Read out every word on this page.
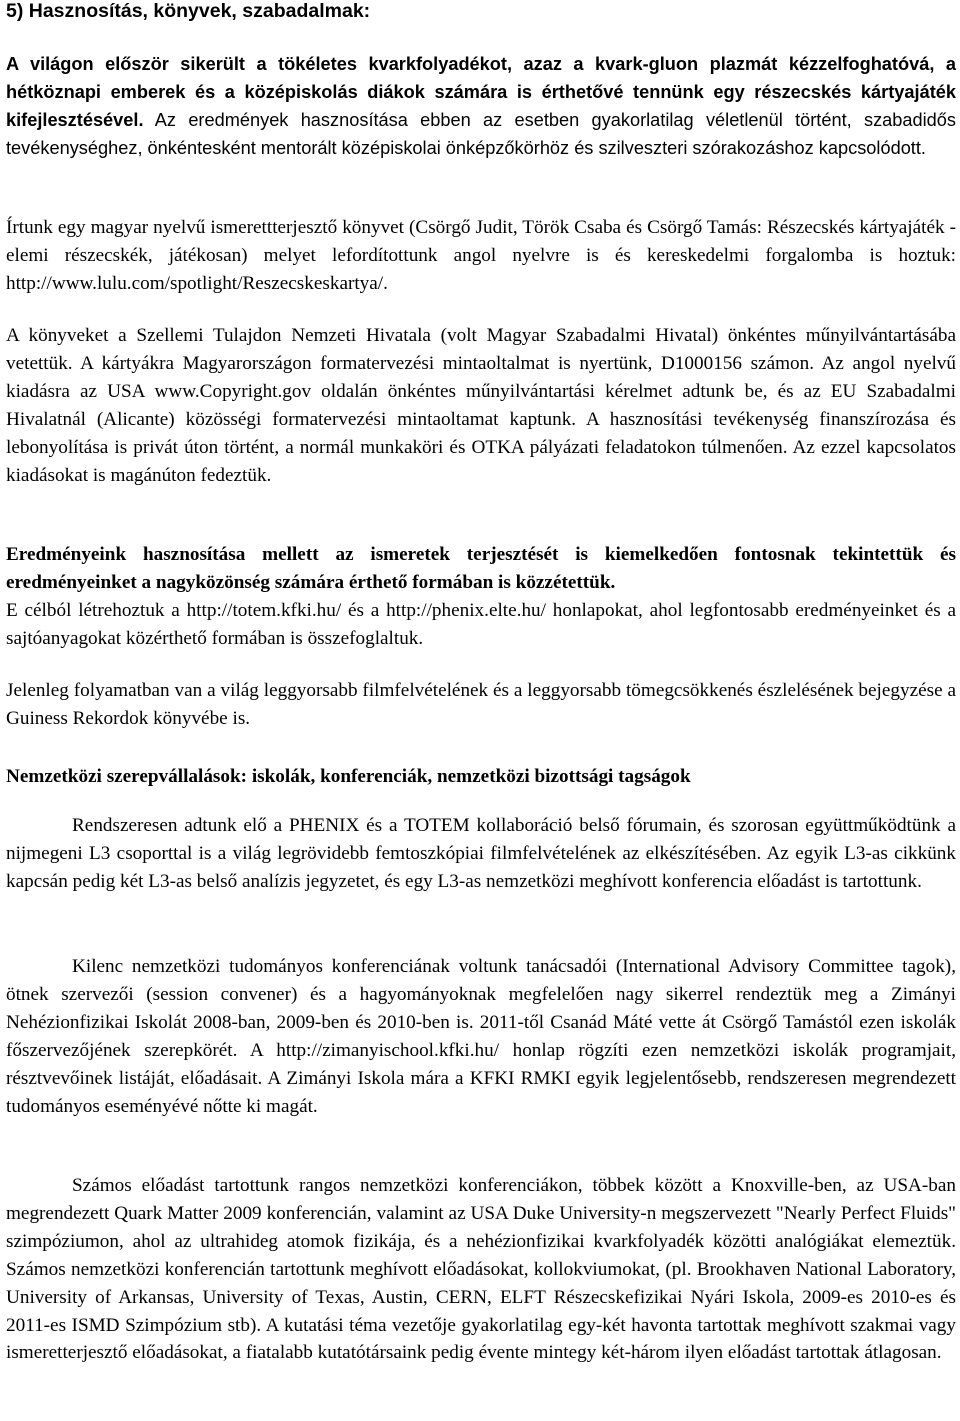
5) Hasznosítás, könyvek, szabadalmak:

A világon először sikerült a tökéletes kvarkfolyadékot, azaz a kvark-gluon plazmát kézzelfoghatóvá, a hétköznapi emberek és a középiskolás diákok számára is érthetővé tennünk egy részecskés kártyajáték kifejlesztésével. Az eredmények hasznosítása ebben az esetben gyakorlatilag véletlenül történt, szabadidős tevékenységhez, önkéntesként mentorált középiskolai önképzőkörhöz és szilveszteri szórakozáshoz kapcsolódott.

Írtunk egy magyar nyelvű ismerettterjesztő könyvet (Csörgő Judit, Török Csaba és Csörgő Tamás: Részecskés kártyajáték - elemi részecskék, játékosan) melyet lefordítottunk angol nyelvre is és kereskedelmi forgalomba is hoztuk: http://www.lulu.com/spotlight/Reszecskeskartya/.

A könyveket a Szellemi Tulajdon Nemzeti Hivatala (volt Magyar Szabadalmi Hivatal) önkéntes műnyilvántartásába vetettük. A kártyákra Magyarországon formatervezési mintaoltalmat is nyertünk, D1000156 számon. Az angol nyelvű kiadásra az USA www.Copyright.gov oldalán önkéntes műnyilvántartási kérelmet adtunk be, és az EU Szabadalmi Hivalatnál (Alicante) közösségi formatervezési mintaoltamat kaptunk. A hasznosítási tevékenység finanszírozása és lebonyolítása is privát úton történt, a normál munkaköri és OTKA pályázati feladatokon túlmenően. Az ezzel kapcsolatos kiadásokat is magánúton fedeztük.

Eredményeink hasznosítása mellett az ismeretek terjesztését is kiemelkedően fontosnak tekintettük és eredményeinket a nagyközönség számára érthető formában is közzétettük.
E célból létrehoztuk a http://totem.kfki.hu/ és a http://phenix.elte.hu/ honlapokat, ahol legfontosabb eredményeinket és a sajtóanyagokat közérthető formában is összefoglaltuk.

Jelenleg folyamatban van a világ leggyorsabb filmfelvételének és a leggyorsabb tömegcsökkenés észlelésének bejegyzése a Guiness Rekordok könyvébe is.

Nemzetközi szerepvállalások: iskolák, konferenciák, nemzetközi bizottsági tagságok

Rendszeresen adtunk elő a PHENIX és a TOTEM kollaboráció belső fórumain, és szorosan együttműködtünk a nijmegeni L3 csoporttal is a világ legrövidebb femtoszkópiai filmfelvételének az elkészítésében. Az egyik L3-as cikkünk kapcsán pedig két L3-as belső analízis jegyzetet, és egy L3-as nemzetközi meghívott konferencia előadást is tartottunk.

Kilenc nemzetközi tudományos konferenciának voltunk tanácsadói (International Advisory Committee tagok), ötnek szervezői (session convener) és a hagyományoknak megfelelően nagy sikerrel rendeztük meg a Zimányi Nehézionfizikai Iskolát 2008-ban, 2009-ben és 2010-ben is. 2011-től Csanád Máté vette át Csörgő Tamástól ezen iskolák főszervezőjének szerepkörét. A http://zimanyischool.kfki.hu/ honlap rögzíti ezen nemzetközi iskolák programjait, résztvevőinek listáját, előadásait. A Zimányi Iskola mára a KFKI RMKI egyik legjelentősebb, rendszeresen megrendezett tudományos eseményévé nőtte ki magát.

Számos előadást tartottunk rangos nemzetközi konferenciákon, többek között a Knoxville-ben, az USA-ban megrendezett Quark Matter 2009 konferencián, valamint az USA Duke University-n megszervezett "Nearly Perfect Fluids" szimpóziumon, ahol az ultrahideg atomok fizikája, és a nehézionfizikai kvarkfolyadék közötti analógiákat elemeztük. Számos nemzetközi konferencián tartottunk meghívott előadásokat, kollokviumokat, (pl. Brookhaven National Laboratory, University of Arkansas, University of Texas, Austin, CERN, ELFT Részecskefizikai Nyári Iskola, 2009-es 2010-es és 2011-es ISMD Szimpózium stb). A kutatási téma vezetője gyakorlatilag egy-két havonta tartottak meghívott szakmai vagy ismeretterjesztő előadásokat, a fiatalabb kutatótársaink pedig évente mintegy két-három ilyen előadást tartottak átlagosan.
